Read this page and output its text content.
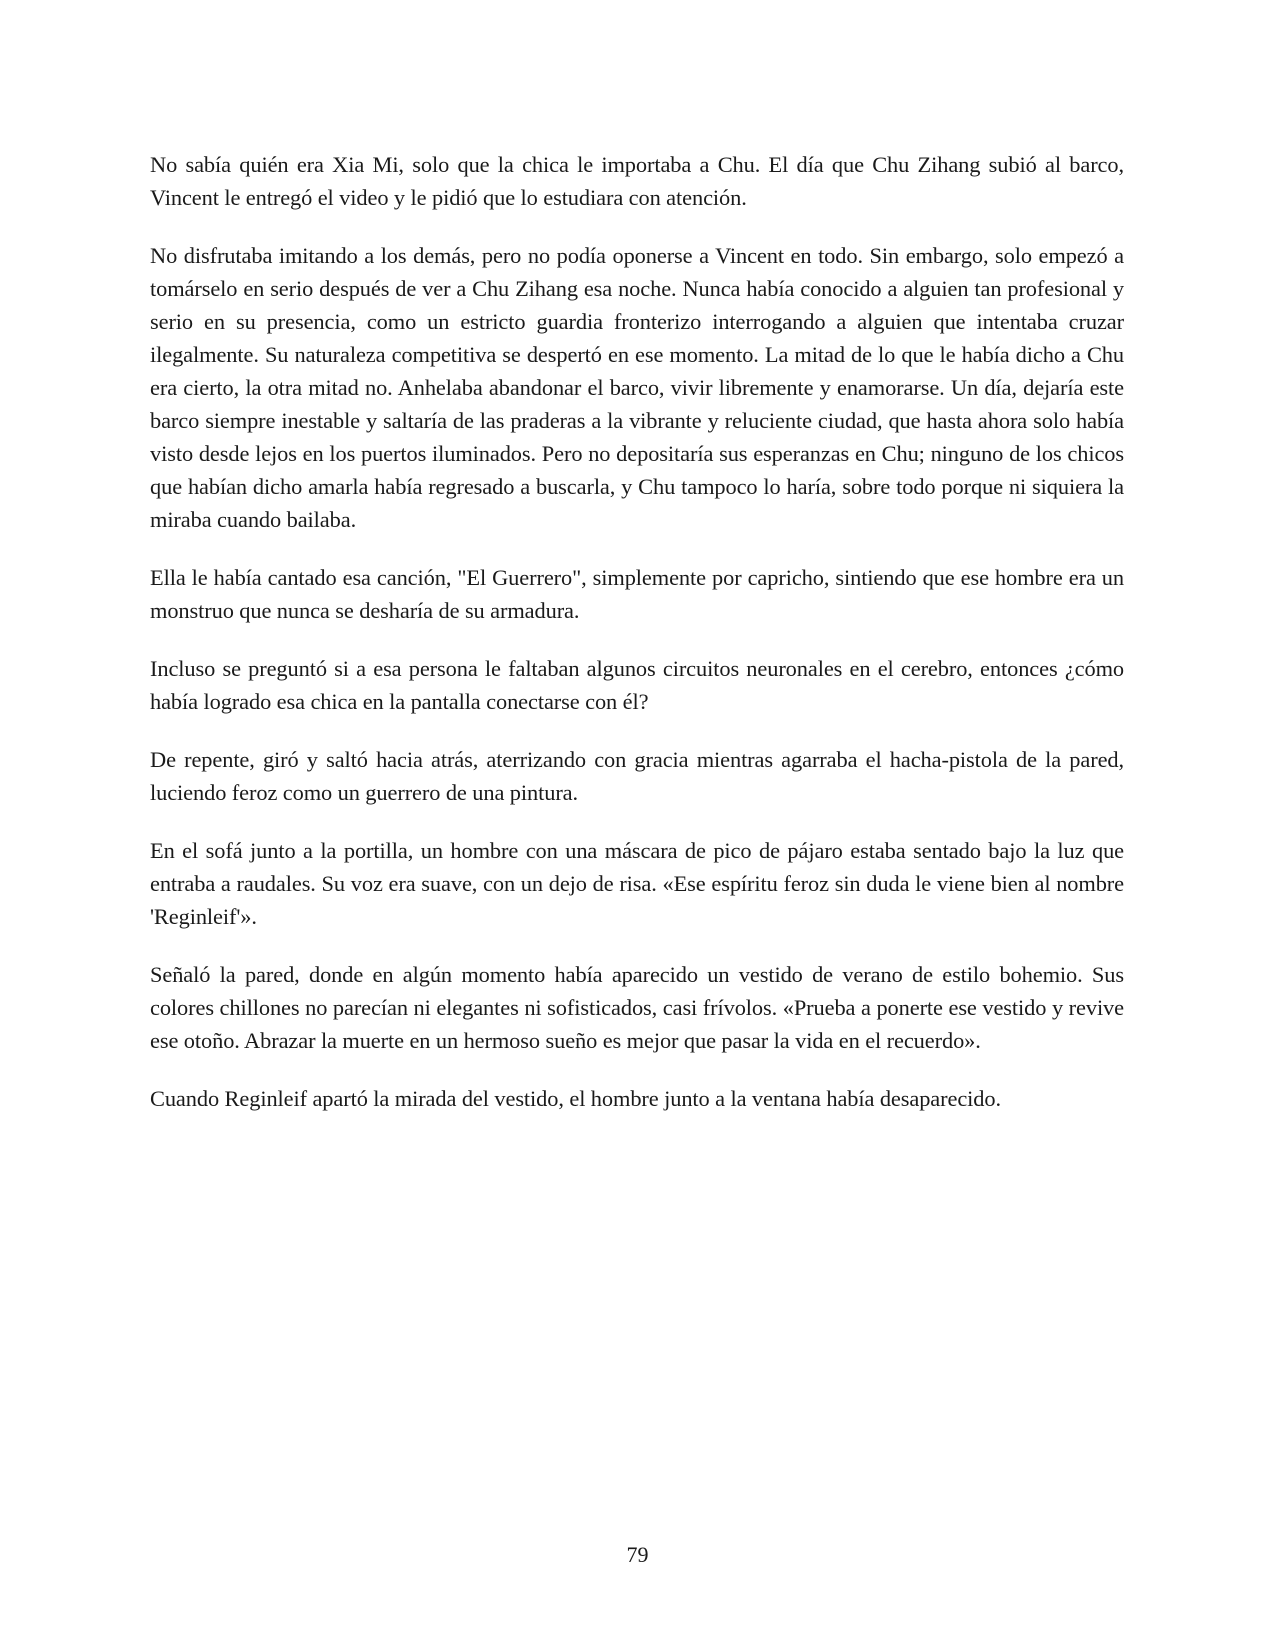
No sabía quién era Xia Mi, solo que la chica le importaba a Chu. El día que Chu Zihang subió al barco, Vincent le entregó el video y le pidió que lo estudiara con atención.

No disfrutaba imitando a los demás, pero no podía oponerse a Vincent en todo. Sin embargo, solo empezó a tomárselo en serio después de ver a Chu Zihang esa noche. Nunca había conocido a alguien tan profesional y serio en su presencia, como un estricto guardia fronterizo interrogando a alguien que intentaba cruzar ilegalmente. Su naturaleza competitiva se despertó en ese momento. La mitad de lo que le había dicho a Chu era cierto, la otra mitad no. Anhelaba abandonar el barco, vivir libremente y enamorarse. Un día, dejaría este barco siempre inestable y saltaría de las praderas a la vibrante y reluciente ciudad, que hasta ahora solo había visto desde lejos en los puertos iluminados. Pero no depositaría sus esperanzas en Chu; ninguno de los chicos que habían dicho amarla había regresado a buscarla, y Chu tampoco lo haría, sobre todo porque ni siquiera la miraba cuando bailaba.

Ella le había cantado esa canción, "El Guerrero", simplemente por capricho, sintiendo que ese hombre era un monstruo que nunca se desharía de su armadura.

Incluso se preguntó si a esa persona le faltaban algunos circuitos neuronales en el cerebro, entonces ¿cómo había logrado esa chica en la pantalla conectarse con él?

De repente, giró y saltó hacia atrás, aterrizando con gracia mientras agarraba el hacha-pistola de la pared, luciendo feroz como un guerrero de una pintura.

En el sofá junto a la portilla, un hombre con una máscara de pico de pájaro estaba sentado bajo la luz que entraba a raudales. Su voz era suave, con un dejo de risa. «Ese espíritu feroz sin duda le viene bien al nombre 'Reginleif'».

Señaló la pared, donde en algún momento había aparecido un vestido de verano de estilo bohemio. Sus colores chillones no parecían ni elegantes ni sofisticados, casi frívolos. «Prueba a ponerte ese vestido y revive ese otoño. Abrazar la muerte en un hermoso sueño es mejor que pasar la vida en el recuerdo».

Cuando Reginleif apartó la mirada del vestido, el hombre junto a la ventana había desaparecido.

79
